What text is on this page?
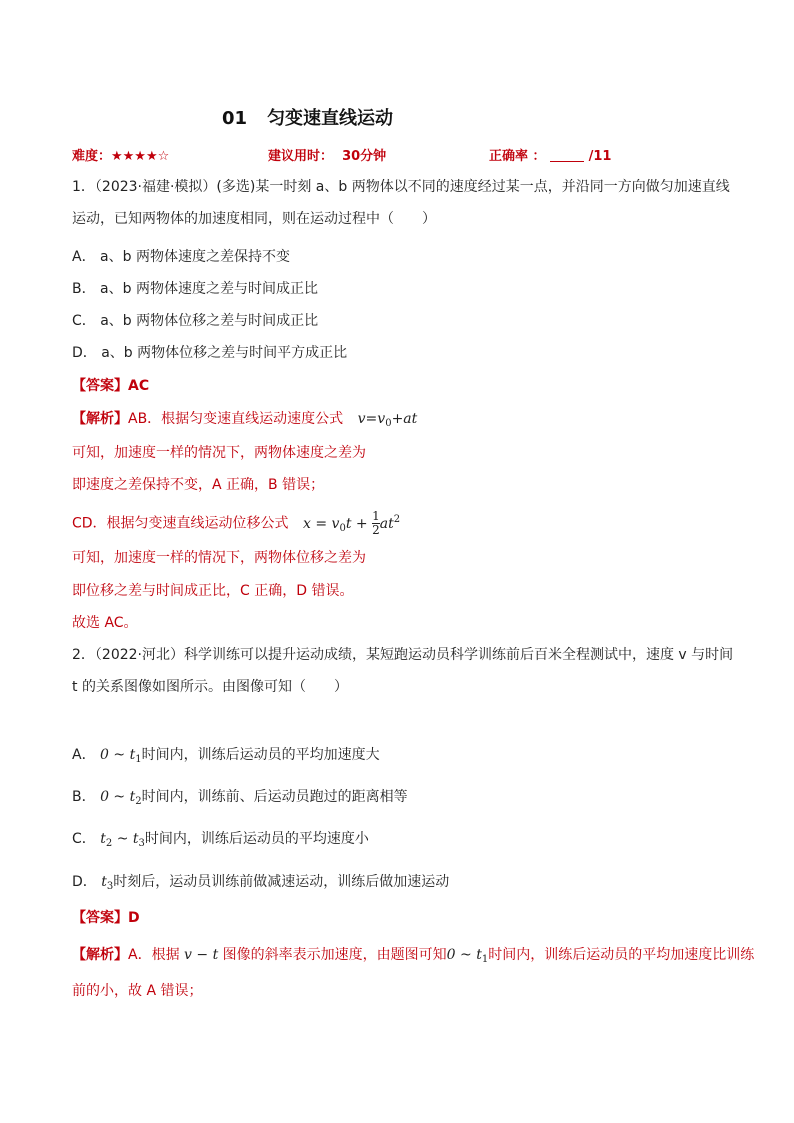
01 匀变速直线运动
难度：★★★★☆	建议用时： 30分钟	正确率 ：	/11
1．（2023·福建·模拟）(多选)某一时刻 a、b 两物体以不同的速度经过某一点，并沿同一方向做匀加速直线
运动，已知两物体的加速度相同，则在运动过程中（　　）
A． a、b 两物体速度之差保持不变
B． a、b 两物体速度之差与时间成正比
C． a、b 两物体位移之差与时间成正比
D． a、b 两物体位移之差与时间平方成正比
【答案】AC
【解析】AB．根据匀变速直线运动速度公式 $v=v_0+at$
可知，加速度一样的情况下，两物体速度之差为
即速度之差保持不变，A 正确，B 错误；
CD．根据匀变速直线运动位移公式 $x = v_0t + \frac{1}{2} at^2$
可知，加速度一样的情况下，两物体位移之差为
即位移之差与时间成正比，C 正确，D 错误。
故选 AC。
2．（2022·河北）科学训练可以提升运动成绩，某短跑运动员科学训练前后百米全程测试中，速度 v 与时间
t 的关系图像如图所示。由图像可知（　　）
A． 0 ~ $t_1$时间内，训练后运动员的平均加速度大
B． 0 ~ $t_2$时间内，训练前、后运动员跑过的距离相等
C． $t_2$ ~ $t_3$时间内，训练后运动员的平均速度小
D． $t_3$时刻后，运动员训练前做减速运动，训练后做加速运动
【答案】D
【解析】A．根据 v − t 图像的斜率表示加速度，由题图可知0 ~ $t_1$时间内，训练后运动员的平均加速度比训练
前的小，故 A 错误；
